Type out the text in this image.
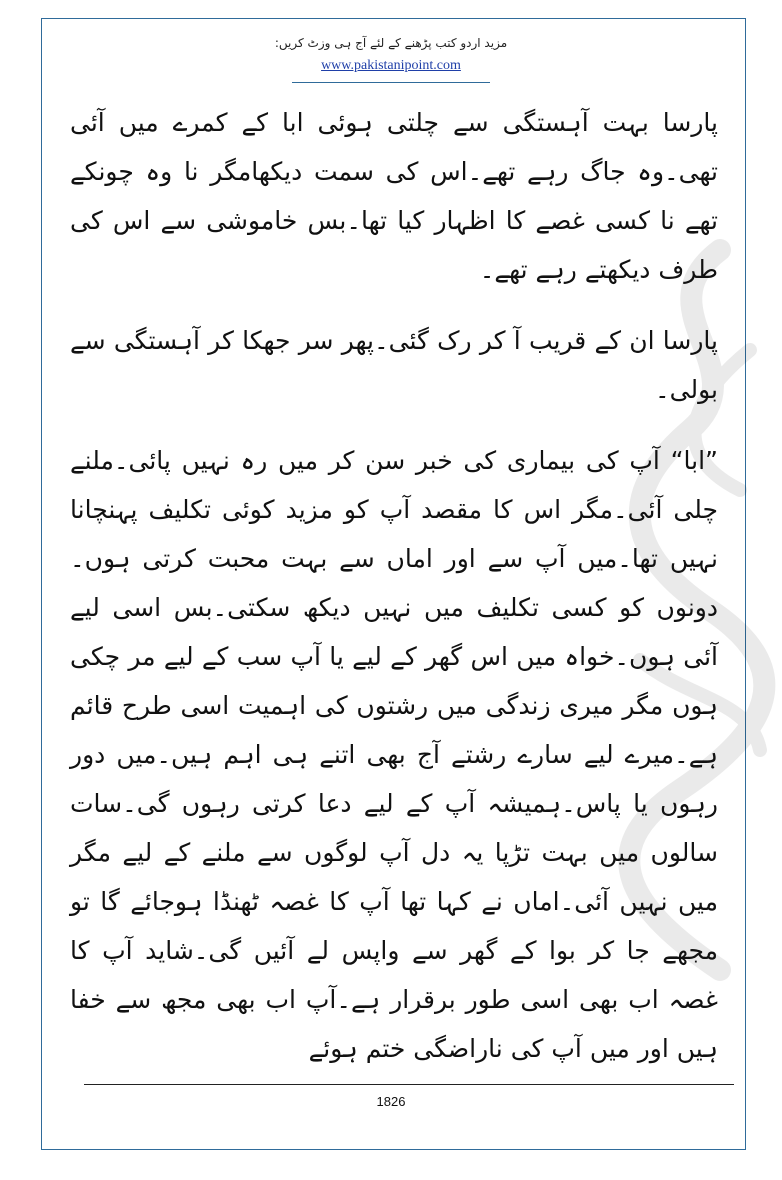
مزید اردو کتب پڑھنے کے لئے آج ہی وزٹ کریں:
www.pakistanipoint.com

پارسا بہت آہستگی سے چلتی ہوئی ابا کے کمرے میں آئی تھی۔وہ جاگ رہے تھے۔اس کی سمت دیکھامگر نا وہ چونکے تھے نا کسی غصے کا اظہار کیا تھا۔بس خاموشی سے اس کی طرف دیکھتے رہے تھے۔

پارسا ان کے قریب آ کر رک گئی۔پھر سر جھکا کر آہستگی سے بولی۔

”ابا“ آپ کی بیماری کی خبر سن کر میں رہ نہیں پائی۔ملنے چلی آئی۔مگر اس کا مقصد آپ کو مزید کوئی تکلیف پہنچانا نہیں تھا۔میں آپ سے اور اماں سے بہت محبت کرتی ہوں۔دونوں کو کسی تکلیف میں نہیں دیکھ سکتی۔بس اسی لیے آئی ہوں۔خواہ میں اس گھر کے لیے یا آپ سب کے لیے مر چکی ہوں مگر میری زندگی میں رشتوں کی اہمیت اسی طرح قائم ہے۔میرے لیے سارے رشتے آج بھی اتنے ہی اہم ہیں۔میں دور رہوں یا پاس۔ہمیشہ آپ کے لیے دعا کرتی رہوں گی۔سات سالوں میں بہت تڑپا یہ دل آپ لوگوں سے ملنے کے لیے مگر میں نہیں آئی۔اماں نے کہا تھا آپ کا غصہ ٹھنڈا ہوجائے گا تو مجھے جا کر بوا کے گھر سے واپس لے آئیں گی۔شاید آپ کا غصہ اب بھی اسی طور برقرار ہے۔آپ اب بھی مجھ سے خفا ہیں اور میں آپ کی ناراضگی ختم ہوئے

1826
